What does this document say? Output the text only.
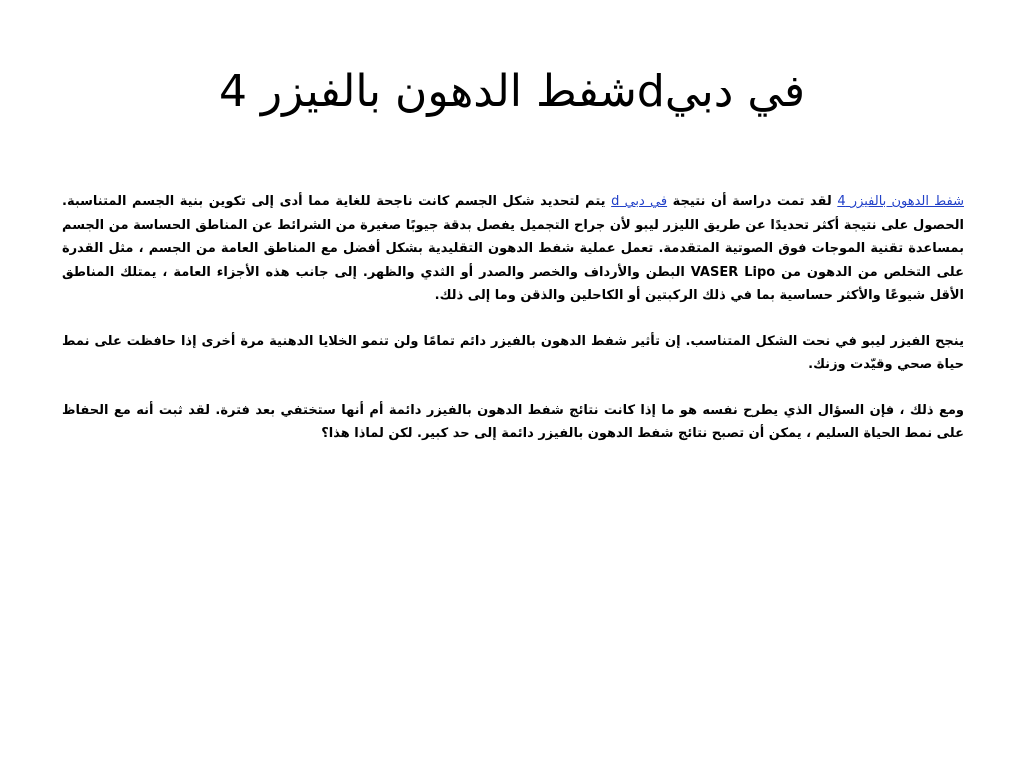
في دبيdشفط الدهون بالفيزر 4

شفط الدهون بالفيزر 4 لقد تمت دراسة أن نتيجة في دبي d يتم لتحديد شكل الجسم كانت ناجحة للغاية مما أدى إلى تكوين بنية الجسم المتناسبة. الحصول على نتيجة أكثر تحديدًا عن طريق الليزر ليبو لأن جراح التجميل يفصل بدقة جيوبًا صغيرة من الشرائط عن المناطق الحساسة من الجسم بمساعدة تقنية الموجات فوق الصوتية المتقدمة. تعمل عملية شفط الدهون التقليدية بشكل أفضل مع المناطق العامة من الجسم ، مثل القدرة على التخلص من الدهون من VASER Lipo البطن والأرداف والخصر والصدر أو الثدي والظهر. إلى جانب هذه الأجزاء العامة ، يمتلك المناطق الأقل شيوعًا والأكثر حساسية بما في ذلك الركبتين أو الكاحلين والذقن وما إلى ذلك.

ينجح الفيزر ليبو في نحت الشكل المتناسب. إن تأثير شفط الدهون بالفيزر دائم تمامًا ولن تنمو الخلايا الدهنية مرة أخرى إذا حافظت على نمط حياة صحي وقيّدت وزنك.

ومع ذلك ، فإن السؤال الذي يطرح نفسه هو ما إذا كانت نتائج شفط الدهون بالفيزر دائمة أم أنها ستختفي بعد فترة. لقد ثبت أنه مع الحفاظ على نمط الحياة السليم ، يمكن أن تصبح نتائج شفط الدهون بالفيزر دائمة إلى حد كبير. لكن لماذا هذا؟
